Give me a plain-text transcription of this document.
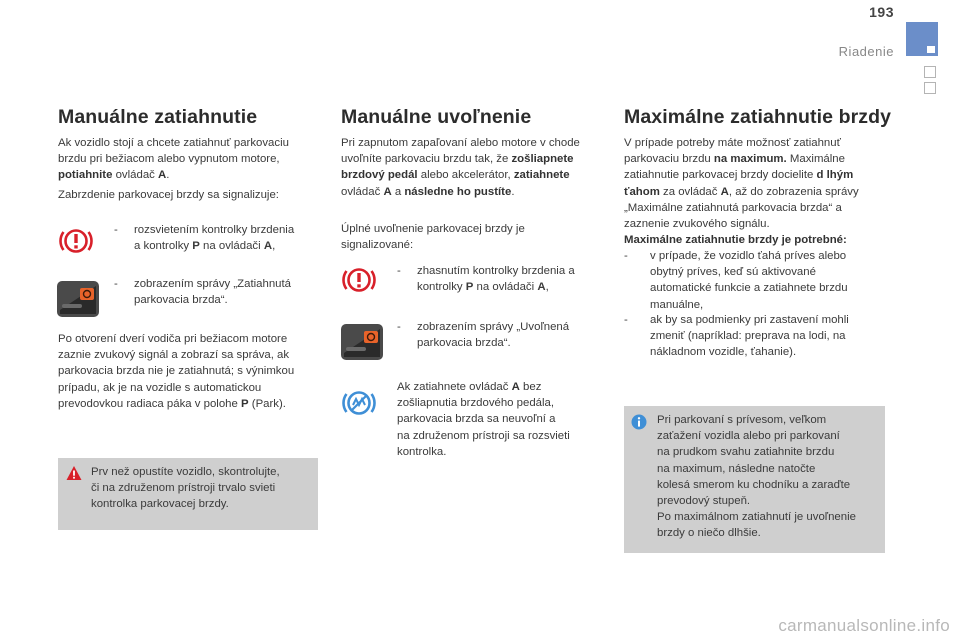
193
Riadenie
Manuálne zatiahnutie
Ak vozidlo stojí a chcete zatiahnuť parkovaciu
brzdu pri bežiacom alebo vypnutom motore,
potiahnite ovládač A.
Zabrzdenie parkovacej brzdy sa signalizuje:
-	rozsvietením kontrolky brzdenia
a kontrolky P na ovládači A,
-	zobrazením správy „Zatiahnutá
parkovacia brzda“.
Po otvorení dverí vodiča pri bežiacom motore
zaznie zvukový signál a zobrazí sa správa, ak
parkovacia brzda nie je zatiahnutá; s výnimkou
prípadu, ak je na vozidle s automatickou
prevodovkou radiaca páka v polohe P (Park).
Prv než opustíte vozidlo, skontrolujte,
či na združenom prístroji trvalo svieti
kontrolka parkovacej brzdy.
Manuálne uvoľnenie
Pri zapnutom zapaľovaní alebo motore v chode
uvoľníte parkovaciu brzdu tak, že zošliapnete
brzdový pedál alebo akcelerátor, zatiahnete
ovládač A a následne ho pustíte.
Úplné uvoľnenie parkovacej brzdy je
signalizované:
-	zhasnutím kontrolky brzdenia a
kontrolky P na ovládači A,
-	zobrazením správy „Uvoľnená
parkovacia brzda“.
Ak zatiahnete ovládač A bez
zošliapnutia brzdového pedála,
parkovacia brzda sa neuvoľní a
na združenom prístroji sa rozsvieti
kontrolka.
Maximálne zatiahnutie brzdy
V prípade potreby máte možnosť zatiahnuť
parkovaciu brzdu na maximum. Maximálne
zatiahnutie parkovacej brzdy docielite d lhým
ťahom za ovládač A, až do zobrazenia správy
„Maximálne zatiahnutá parkovacia brzda“ a
zaznenie zvukového signálu.
Maximálne zatiahnutie brzdy je potrebné:
-	v prípade, že vozidlo ťahá príves alebo
obytný príves, keď sú aktivované
automatické funkcie a zatiahnete brzdu
manuálne,
-	ak by sa podmienky pri zastavení mohli
zmeniť (napríklad: preprava na lodi, na
nákladnom vozidle, ťahanie).
Pri parkovaní s prívesom, veľkom
zaťažení vozidla alebo pri parkovaní
na prudkom svahu zatiahnite brzdu
na maximum, následne natočte
kolesá smerom ku chodníku a zaraďte
prevodový stupeň.
Po maximálnom zatiahnutí je uvoľnenie
brzdy o niečo dlhšie.
carmanualsonline.info
